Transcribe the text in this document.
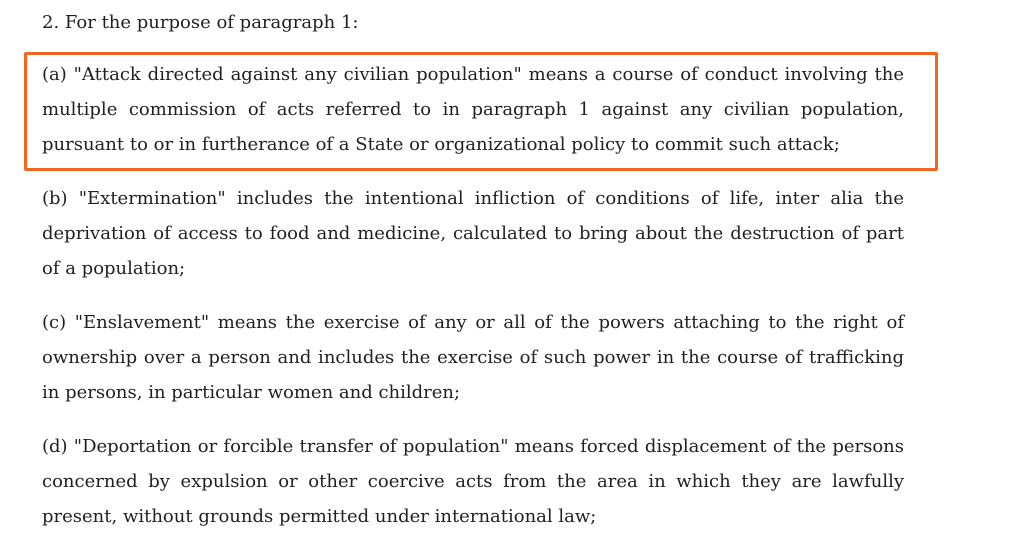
2. For the purpose of paragraph 1:

(a) "Attack directed against any civilian population" means a course of conduct involving the multiple commission of acts referred to in paragraph 1 against any civilian population, pursuant to or in furtherance of a State or organizational policy to commit such attack;

(b) "Extermination" includes the intentional infliction of conditions of life, inter alia the deprivation of access to food and medicine, calculated to bring about the destruction of part of a population;

(c) "Enslavement" means the exercise of any or all of the powers attaching to the right of ownership over a person and includes the exercise of such power in the course of trafficking in persons, in particular women and children;

(d) "Deportation or forcible transfer of population" means forced displacement of the persons concerned by expulsion or other coercive acts from the area in which they are lawfully present, without grounds permitted under international law;
